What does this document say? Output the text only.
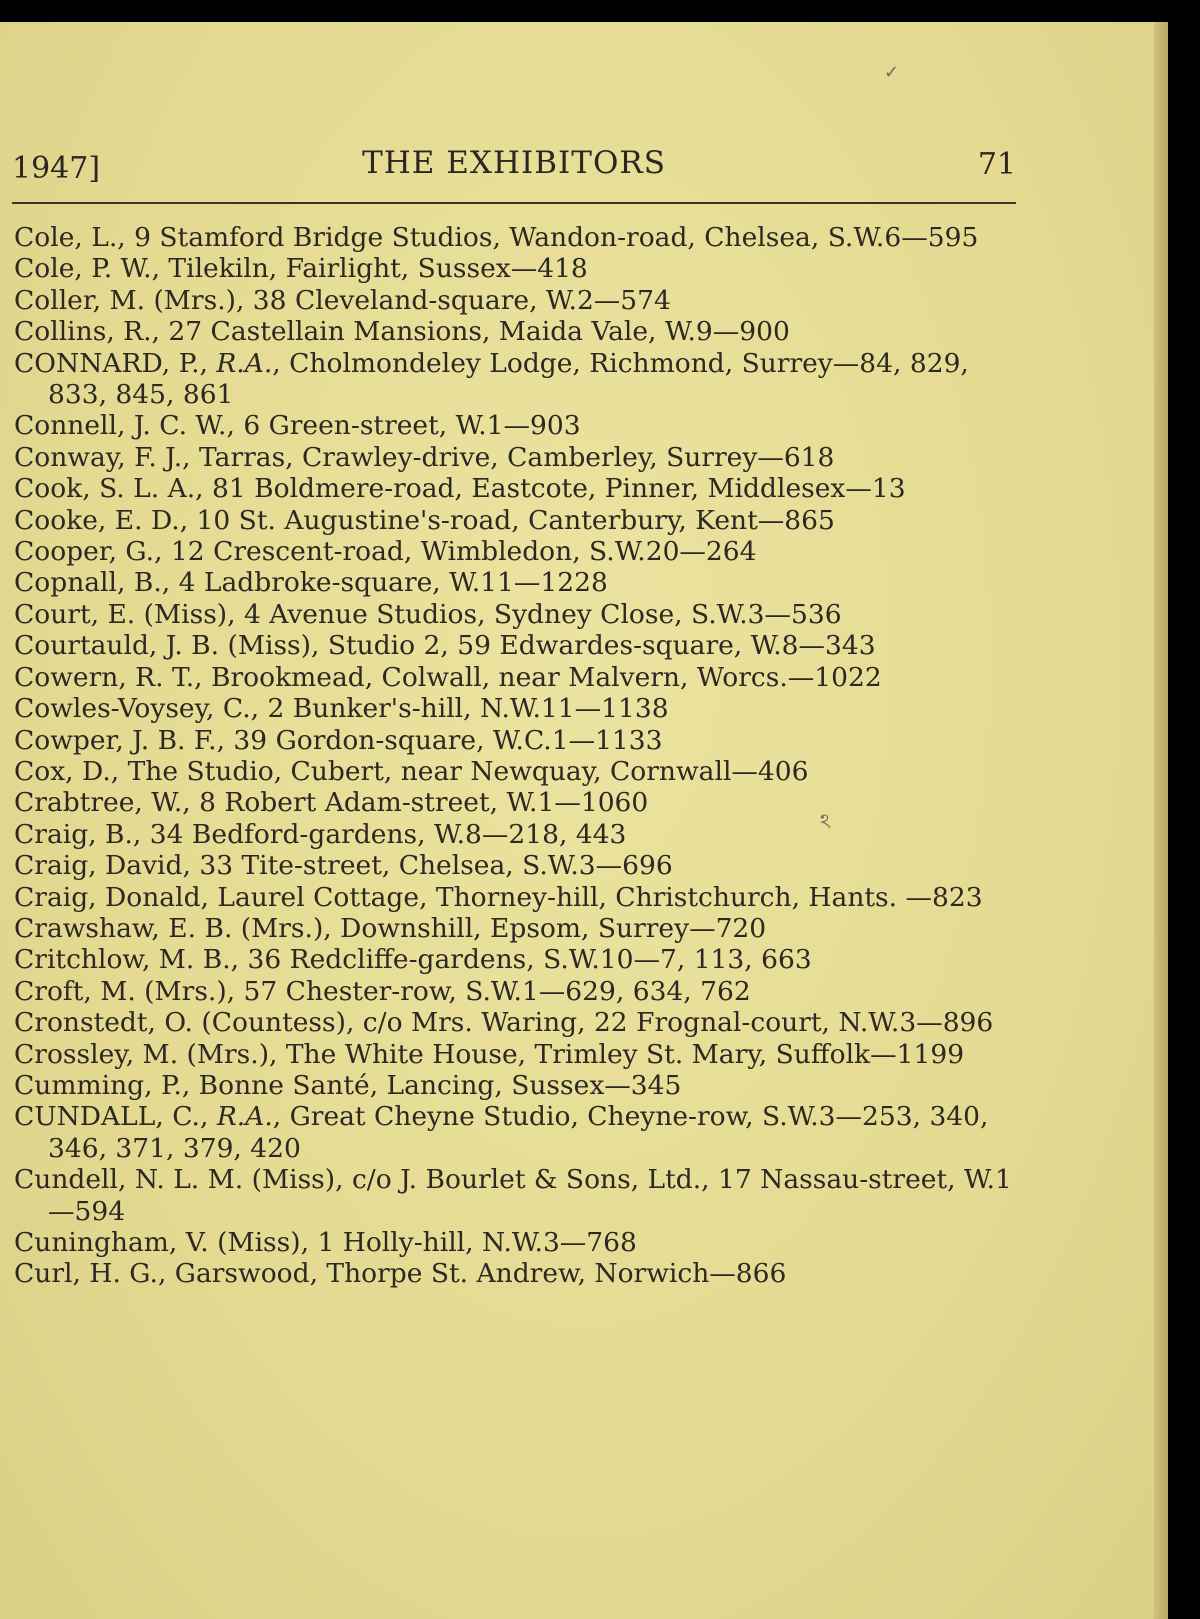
1947]	THE EXHIBITORS	71
Cole, L., 9 Stamford Bridge Studios, Wandon-road, Chelsea, S.W.6—595
Cole, P. W., Tilekiln, Fairlight, Sussex—418
Coller, M. (Mrs.), 38 Cleveland-square, W.2—574
Collins, R., 27 Castellain Mansions, Maida Vale, W.9—900
CONNARD, P., R.A., Cholmondeley Lodge, Richmond, Surrey—84, 829, 833, 845, 861
Connell, J. C. W., 6 Green-street, W.1—903
Conway, F. J., Tarras, Crawley-drive, Camberley, Surrey—618
Cook, S. L. A., 81 Boldmere-road, Eastcote, Pinner, Middlesex—13
Cooke, E. D., 10 St. Augustine's-road, Canterbury, Kent—865
Cooper, G., 12 Crescent-road, Wimbledon, S.W.20—264
Copnall, B., 4 Ladbroke-square, W.11—1228
Court, E. (Miss), 4 Avenue Studios, Sydney Close, S.W.3—536
Courtauld, J. B. (Miss), Studio 2, 59 Edwardes-square, W.8—343
Cowern, R. T., Brookmead, Colwall, near Malvern, Worcs.—1022
Cowles-Voysey, C., 2 Bunker's-hill, N.W.11—1138
Cowper, J. B. F., 39 Gordon-square, W.C.1—1133
Cox, D., The Studio, Cubert, near Newquay, Cornwall—406
Crabtree, W., 8 Robert Adam-street, W.1—1060
Craig, B., 34 Bedford-gardens, W.8—218, 443
Craig, David, 33 Tite-street, Chelsea, S.W.3—696
Craig, Donald, Laurel Cottage, Thorney-hill, Christchurch, Hants. —823
Crawshaw, E. B. (Mrs.), Downshill, Epsom, Surrey—720
Critchlow, M. B., 36 Redcliffe-gardens, S.W.10—7, 113, 663
Croft, M. (Mrs.), 57 Chester-row, S.W.1—629, 634, 762
Cronstedt, O. (Countess), c/o Mrs. Waring, 22 Frognal-court, N.W.3—896
Crossley, M. (Mrs.), The White House, Trimley St. Mary, Suffolk—1199
Cumming, P., Bonne Santé, Lancing, Sussex—345
CUNDALL, C., R.A., Great Cheyne Studio, Cheyne-row, S.W.3—253, 340, 346, 371, 379, 420
Cundell, N. L. M. (Miss), c/o J. Bourlet & Sons, Ltd., 17 Nassau-street, W.1—594
Cuningham, V. (Miss), 1 Holly-hill, N.W.3—768
Curl, H. G., Garswood, Thorpe St. Andrew, Norwich—866
✓
ঽ
